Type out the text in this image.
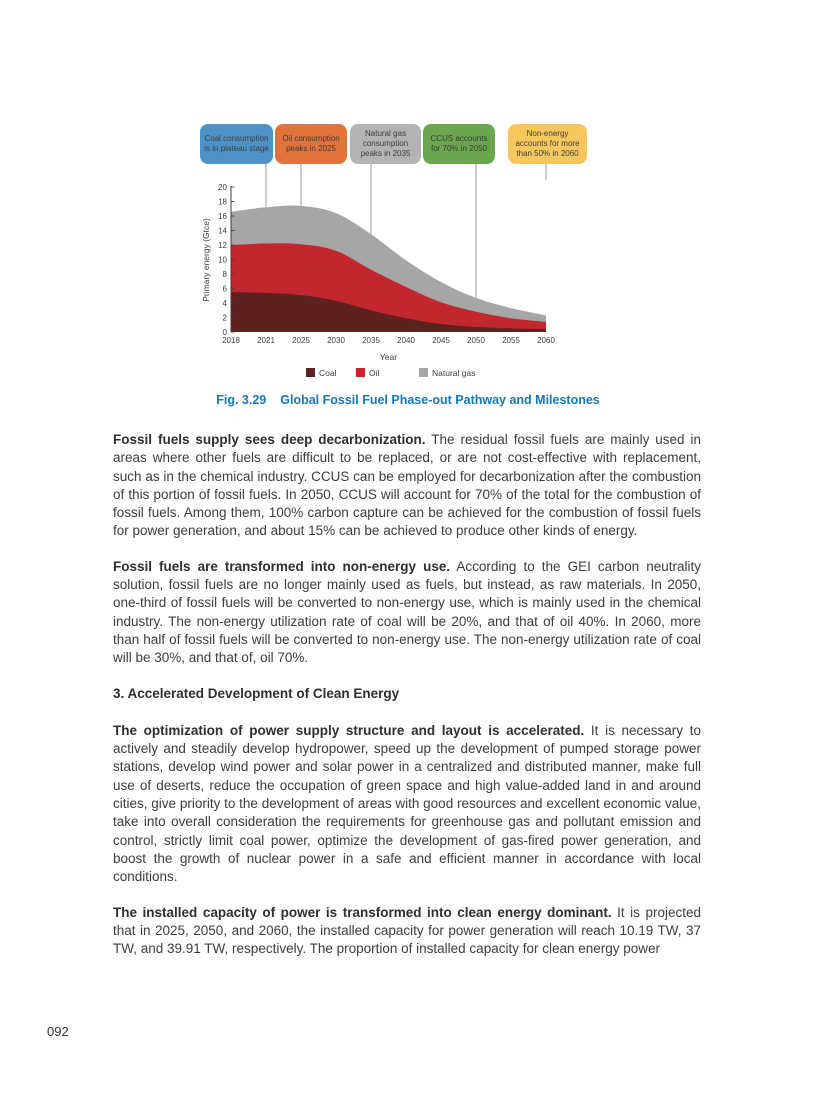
0
2
4
6
8
10
12
14
16
18
20
2018 2021 2025 2030 2035 2040 2045 2050 2055 2060
Year
Primary energy (Gtce)
Coal	Oil	Natural gas
Coal consumption is in plateau stage
Oil consumption peaks in 2025
Natural gas consumption peaks in 2035
CCUS accounts for 70% in 2050
Non-energy accounts for more than 50% in 2060
Fig. 3.29 Global Fossil Fuel Phase-out Pathway and Milestones

Fossil fuels supply sees deep decarbonization. The residual fossil fuels are mainly used in areas where other fuels are difficult to be replaced, or are not cost-effective with replacement, such as in the chemical industry. CCUS can be employed for decarbonization after the combustion of this portion of fossil fuels. In 2050, CCUS will account for 70% of the total for the combustion of fossil fuels. Among them, 100% carbon capture can be achieved for the combustion of fossil fuels for power generation, and about 15% can be achieved to produce other kinds of energy.

Fossil fuels are transformed into non-energy use. According to the GEI carbon neutrality solution, fossil fuels are no longer mainly used as fuels, but instead, as raw materials. In 2050, one-third of fossil fuels will be converted to non-energy use, which is mainly used in the chemical industry. The non-energy utilization rate of coal will be 20%, and that of oil 40%. In 2060, more than half of fossil fuels will be converted to non-energy use. The non-energy utilization rate of coal will be 30%, and that of, oil 70%.

3. Accelerated Development of Clean Energy

The optimization of power supply structure and layout is accelerated. It is necessary to actively and steadily develop hydropower, speed up the development of pumped storage power stations, develop wind power and solar power in a centralized and distributed manner, make full use of deserts, reduce the occupation of green space and high value-added land in and around cities, give priority to the development of areas with good resources and excellent economic value, take into overall consideration the requirements for greenhouse gas and pollutant emission and control, strictly limit coal power, optimize the development of gas-fired power generation, and boost the growth of nuclear power in a safe and efficient manner in accordance with local conditions.

The installed capacity of power is transformed into clean energy dominant. It is projected that in 2025, 2050, and 2060, the installed capacity for power generation will reach 10.19 TW, 37 TW, and 39.91 TW, respectively. The proportion of installed capacity for clean energy power

092
